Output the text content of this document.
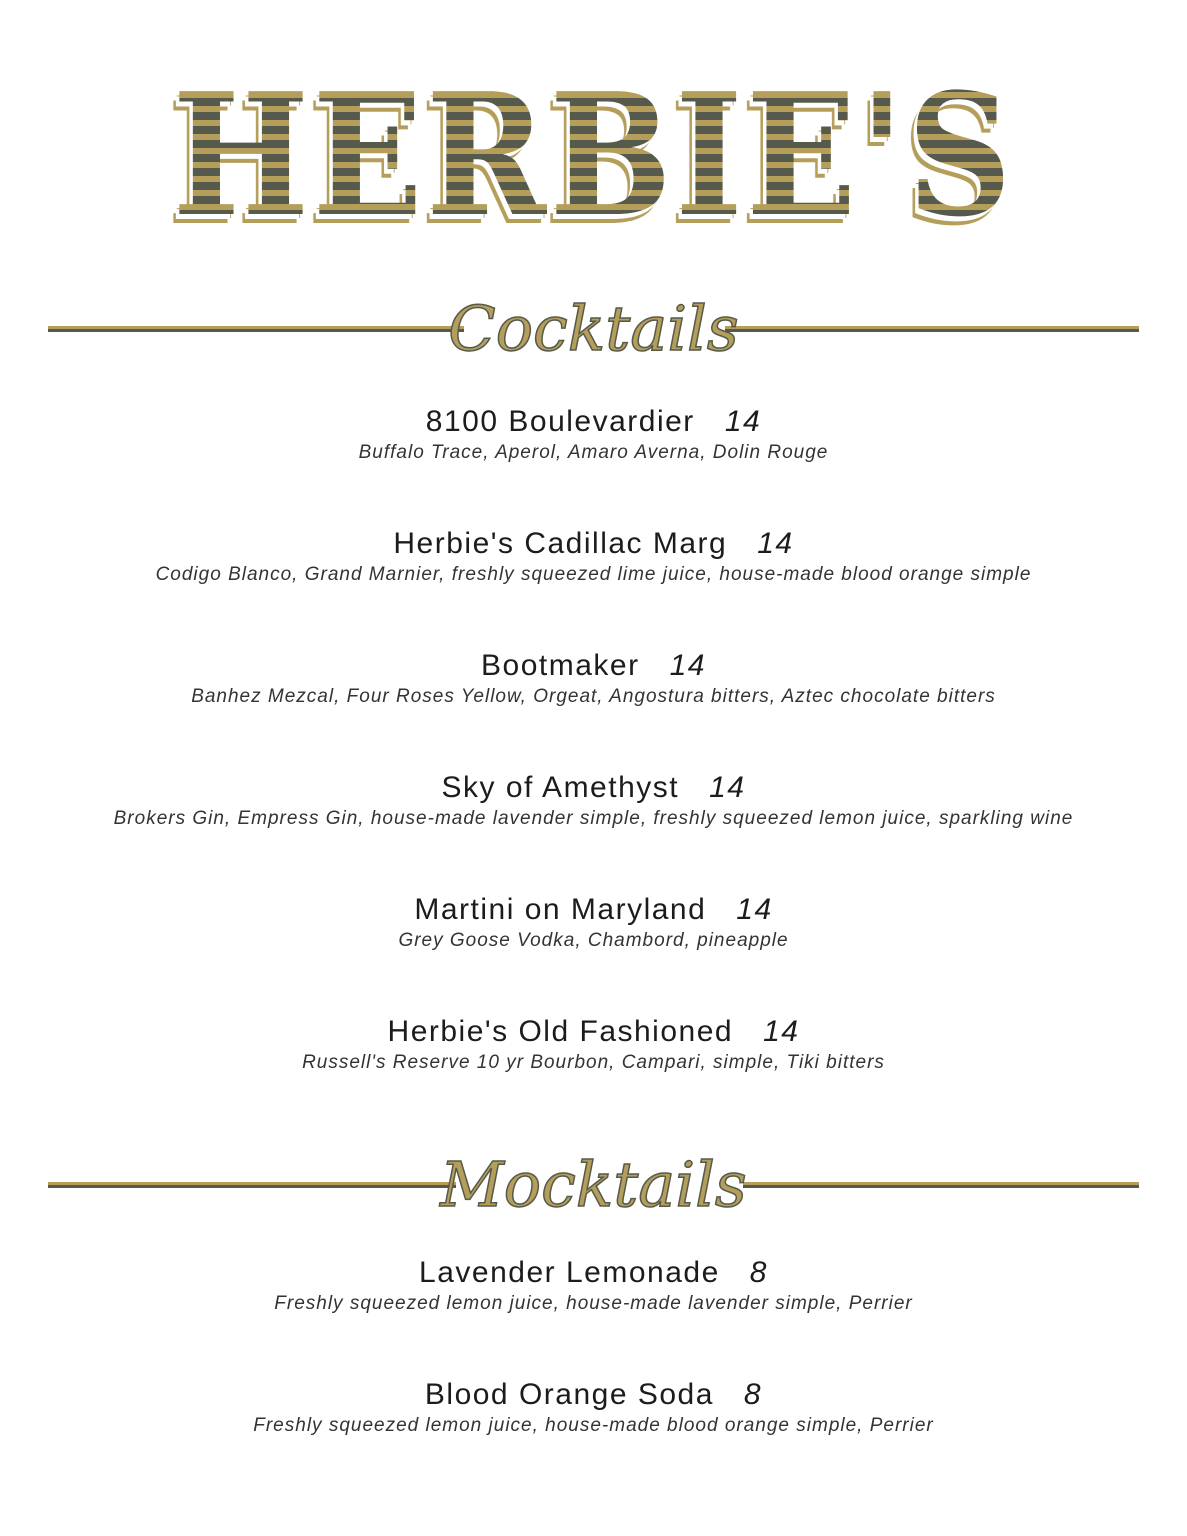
HERBIE'S
Cocktails
Mocktails
8100 Boulevardier 14
Buffalo Trace, Aperol, Amaro Averna, Dolin Rouge
Herbie's Cadillac Marg 14
Codigo Blanco, Grand Marnier, freshly squeezed lime juice, house-made blood orange simple
Bootmaker 14
Banhez Mezcal, Four Roses Yellow, Orgeat, Angostura bitters, Aztec chocolate bitters
Sky of Amethyst 14
Brokers Gin, Empress Gin, house-made lavender simple, freshly squeezed lemon juice, sparkling wine
Martini on Maryland 14
Grey Goose Vodka, Chambord, pineapple
Herbie's Old Fashioned 14
Russell's Reserve 10 yr Bourbon, Campari, simple, Tiki bitters
Lavender Lemonade 8
Freshly squeezed lemon juice, house-made lavender simple, Perrier
Blood Orange Soda 8
Freshly squeezed lemon juice, house-made blood orange simple, Perrier
